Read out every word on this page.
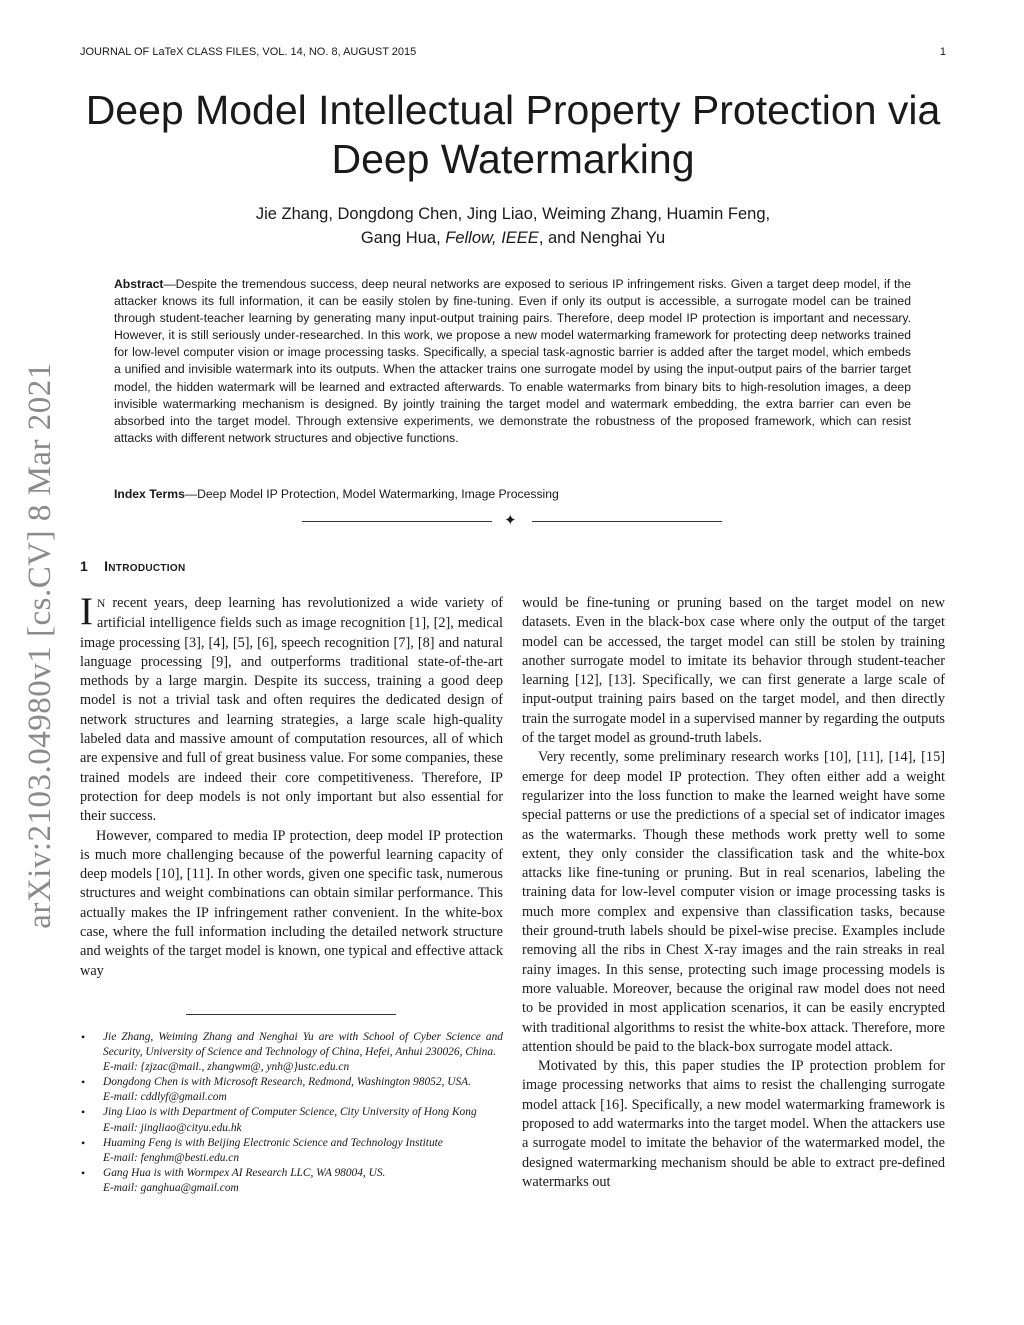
JOURNAL OF LaTeX CLASS FILES, VOL. 14, NO. 8, AUGUST 2015	1
arXiv:2103.04980v1 [cs.CV] 8 Mar 2021
Deep Model Intellectual Property Protection via
Deep Watermarking
Jie Zhang, Dongdong Chen, Jing Liao, Weiming Zhang, Huamin Feng,
Gang Hua, Fellow, IEEE, and Nenghai Yu

Abstract—Despite the tremendous success, deep neural networks are exposed to serious IP infringement risks. Given a target deep model, if the attacker knows its full information, it can be easily stolen by fine-tuning. Even if only its output is accessible, a surrogate model can be trained through student-teacher learning by generating many input-output training pairs. Therefore, deep model IP protection is important and necessary. However, it is still seriously under-researched. In this work, we propose a new model watermarking framework for protecting deep networks trained for low-level computer vision or image processing tasks. Specifically, a special task-agnostic barrier is added after the target model, which embeds a unified and invisible watermark into its outputs. When the attacker trains one surrogate model by using the input-output pairs of the barrier target model, the hidden watermark will be learned and extracted afterwards. To enable watermarks from binary bits to high-resolution images, a deep invisible watermarking mechanism is designed. By jointly training the target model and watermark embedding, the extra barrier can even be absorbed into the target model. Through extensive experiments, we demonstrate the robustness of the proposed framework, which can resist attacks with different network structures and objective functions.

Index Terms—Deep Model IP Protection, Model Watermarking, Image Processing
✦
1 Introduction

I N recent years, deep learning has revolutionized a wide variety of artificial intelligence fields such as image recognition [1], [2], medical image processing [3], [4], [5], [6], speech recognition [7], [8] and natural language processing [9], and outperforms traditional state-of-the-art methods by a large margin. Despite its success, training a good deep model is not a trivial task and often requires the dedicated design of network structures and learning strategies, a large scale high-quality labeled data and massive amount of computation resources, all of which are expensive and full of great business value. For some companies, these trained models are indeed their core competitiveness. Therefore, IP protection for deep models is not only important but also essential for their success.

However, compared to media IP protection, deep model IP protection is much more challenging because of the powerful learning capacity of deep models [10], [11]. In other words, given one specific task, numerous structures and weight combinations can obtain similar performance. This actually makes the IP infringement rather convenient. In the white-box case, where the full information including the detailed network structure and weights of the target model is known, one typical and effective attack way

would be fine-tuning or pruning based on the target model on new datasets. Even in the black-box case where only the output of the target model can be accessed, the target model can still be stolen by training another surrogate model to imitate its behavior through student-teacher learning [12], [13]. Specifically, we can first generate a large scale of input-output training pairs based on the target model, and then directly train the surrogate model in a supervised manner by regarding the outputs of the target model as ground-truth labels.

Very recently, some preliminary research works [10], [11], [14], [15] emerge for deep model IP protection. They often either add a weight regularizer into the loss function to make the learned weight have some special patterns or use the predictions of a special set of indicator images as the watermarks. Though these methods work pretty well to some extent, they only consider the classification task and the white-box attacks like fine-tuning or pruning. But in real scenarios, labeling the training data for low-level computer vision or image processing tasks is much more complex and expensive than classification tasks, because their ground-truth labels should be pixel-wise precise. Examples include removing all the ribs in Chest X-ray images and the rain streaks in real rainy images. In this sense, protecting such image processing models is more valuable. Moreover, because the original raw model does not need to be provided in most application scenarios, it can be easily encrypted with traditional algorithms to resist the white-box attack. Therefore, more attention should be paid to the black-box surrogate model attack.

Motivated by this, this paper studies the IP protection problem for image processing networks that aims to resist the challenging surrogate model attack [16]. Specifically, a new model watermarking framework is proposed to add watermarks into the target model. When the attackers use a surrogate model to imitate the behavior of the watermarked model, the designed watermarking mechanism should be able to extract pre-defined watermarks out

• Jie Zhang, Weiming Zhang and Nenghai Yu are with School of Cyber Science and Security, University of Science and Technology of China, Hefei, Anhui 230026, China.
E-mail: {zjzac@mail., zhangwm@, ynh@}ustc.edu.cn
• Dongdong Chen is with Microsoft Research, Redmond, Washington 98052, USA.
E-mail: cddlyf@gmail.com
• Jing Liao is with Department of Computer Science, City University of Hong Kong
E-mail: jingliao@cityu.edu.hk
• Huaming Feng is with Beijing Electronic Science and Technology Institute
E-mail: fenghm@besti.edu.cn
• Gang Hua is with Wormpex AI Research LLC, WA 98004, US.
E-mail: ganghua@gmail.com
